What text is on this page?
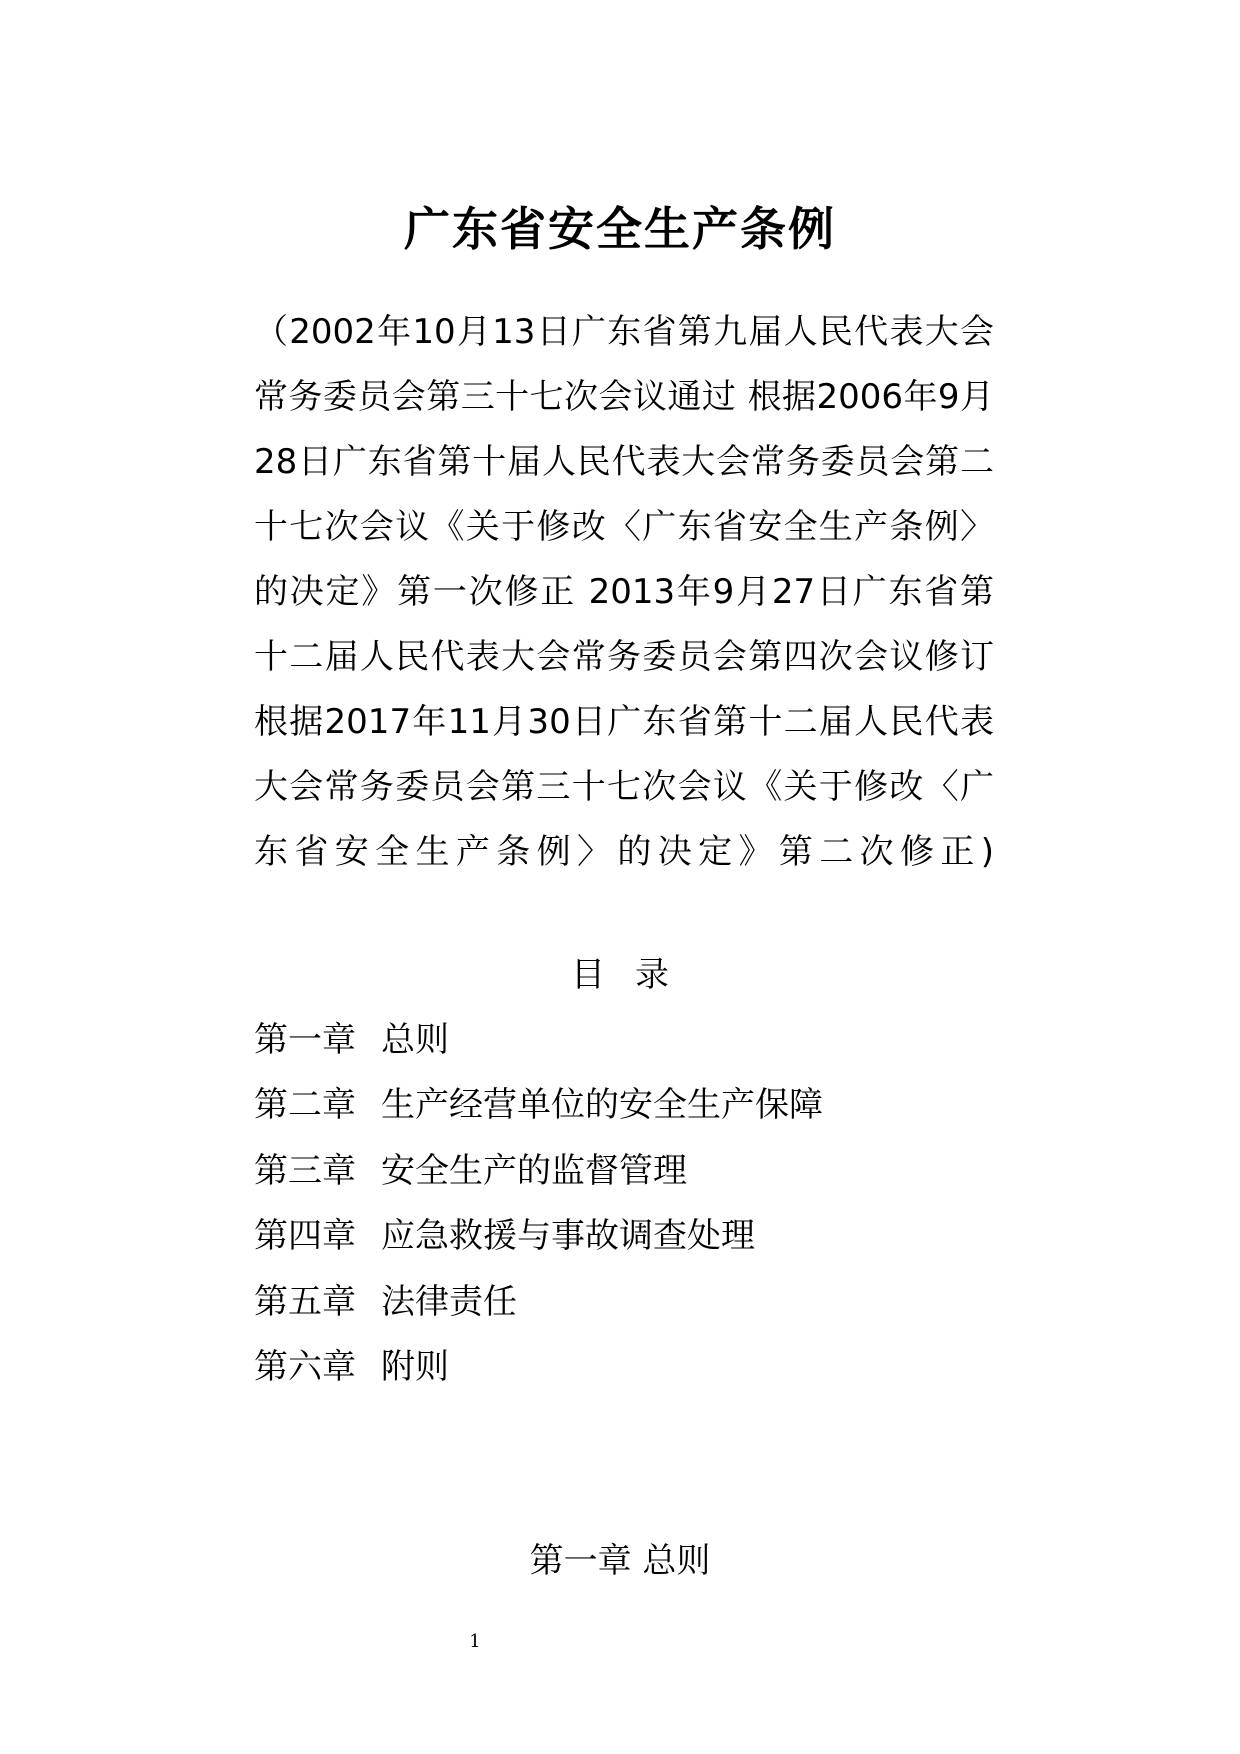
广东省安全生产条例
（2002年10月13日广东省第九届人民代表大会
常务委员会第三十七次会议通过 根据2006年9月
28日广东省第十届人民代表大会常务委员会第二
十七次会议《关于修改〈广东省安全生产条例〉
的决定》第一次修正 2013年9月27日广东省第
十二届人民代表大会常务委员会第四次会议修订
根据2017年11月30日广东省第十二届人民代表
大会常务委员会第三十七次会议《关于修改〈广
东省安全生产条例〉的决定》第二次修正)
目录
第一章 总则
第二章 生产经营单位的安全生产保障
第三章 安全生产的监督管理
第四章 应急救援与事故调查处理
第五章 法律责任
第六章 附则
第一章 总则
1
